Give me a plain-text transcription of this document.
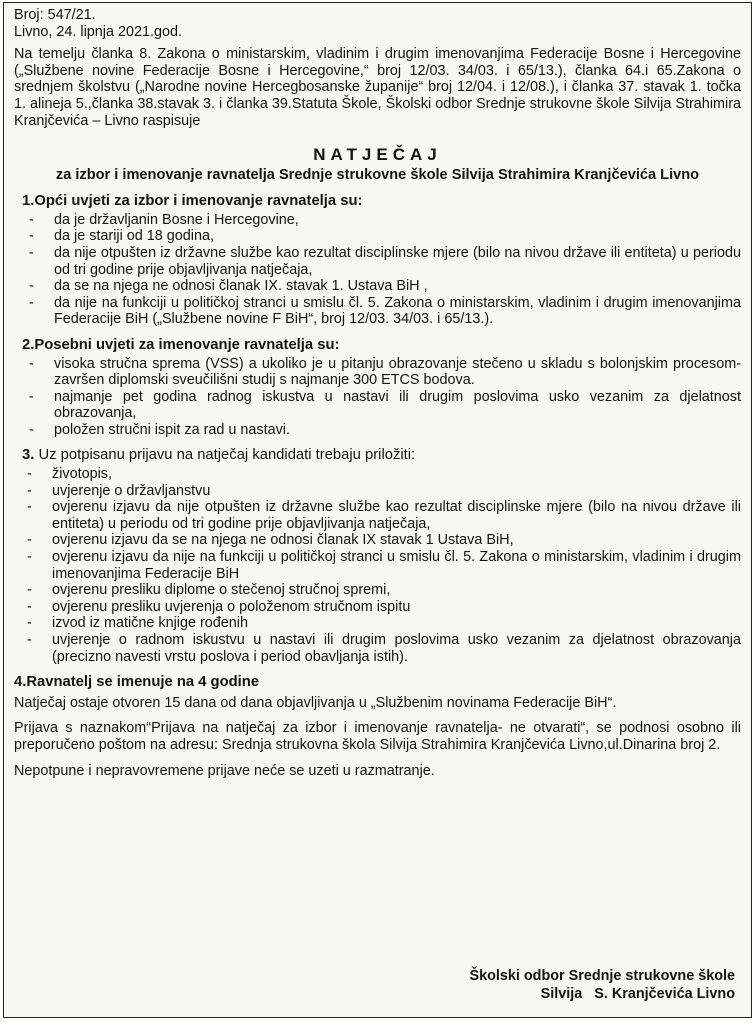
Broj: 547/21.

Livno, 24. lipnja 2021.god.

Na temelju članka 8. Zakona o ministarskim, vladinim i drugim imenovanjima Federacije Bosne i Hercegovine („Službene novine Federacije Bosne i Hercegovine,“ broj 12/03. 34/03. i 65/13.), članka 64.i 65.Zakona o srednjem školstvu („Narodne novine Hercegbosanske županije“ broj 12/04. i 12/08.), i članka 37. stavak 1. točka 1. alineja 5.,članka 38.stavak 3. i članka 39.Statuta Škole, Školski odbor Srednje strukovne škole Silvija Strahimira Kranjčevića – Livno raspisuje

NATJEČAJ
za izbor i imenovanje ravnatelja Srednje strukovne škole Silvija Strahimira Kranjčevića Livno
1.Opći uvjeti za izbor i imenovanje ravnatelja su:
- da je državljanin Bosne i Hercegovine,
- da je stariji od 18 godina,
- da nije otpušten iz državne službe kao rezultat disciplinske mjere (bilo na nivou države ili entiteta) u periodu od tri godine prije objavljivanja natječaja,
- da se na njega ne odnosi članak IX. stavak 1. Ustava BiH ,
- da nije na funkciji u političkoj stranci u smislu čl. 5. Zakona o ministarskim, vladinim i drugim imenovanjima Federacije BiH („Službene novine F BiH“, broj 12/03. 34/03. i 65/13.).
2.Posebni uvjeti za imenovanje ravnatelja su:
- visoka stručna sprema (VSS) a ukoliko je u pitanju obrazovanje stečeno u skladu s bolonjskim procesom-završen diplomski sveučilišni studij s najmanje 300 ETCS bodova.
- najmanje pet godina radnog iskustva u nastavi ili drugim poslovima usko vezanim za djelatnost obrazovanja,
- položen stručni ispit za rad u nastavi.
3. Uz potpisanu prijavu na natječaj kandidati trebaju priložiti:
- životopis,
- uvjerenje o državljanstvu
- ovjerenu izjavu da nije otpušten iz državne službe kao rezultat disciplinske mjere (bilo na nivou države ili entiteta) u periodu od tri godine prije objavljivanja natječaja,
- ovjerenu izjavu da se na njega ne odnosi članak IX stavak 1 Ustava BiH,
- ovjerenu izjavu da nije na funkciji u političkoj stranci u smislu čl. 5. Zakona o ministarskim, vladinim i drugim imenovanjima Federacije BiH
- ovjerenu presliku diplome o stečenoj stručnoj spremi,
- ovjerenu presliku uvjerenja o položenom stručnom ispitu
- izvod iz matične knjige rođenih
- uvjerenje o radnom iskustvu u nastavi ili drugim poslovima usko vezanim za djelatnost obrazovanja (precizno navesti vrstu poslova i period obavljanja istih).
4.Ravnatelj se imenuje na 4 godine

Natječaj ostaje otvoren 15 dana od dana objavljivanja u „Službenim novinama Federacije BiH“.

Prijava s naznakom“Prijava na natječaj za izbor i imenovanje ravnatelja- ne otvarati“, se podnosi osobno ili preporučeno poštom na adresu: Srednja strukovna škola Silvija Strahimira Kranjčevića Livno,ul.Dinarina broj 2.

Nepotpune i nepravovremene prijave neće se uzeti u razmatranje.

Školski odbor Srednje strukovne škole
Silvija   S. Kranjčevića Livno
